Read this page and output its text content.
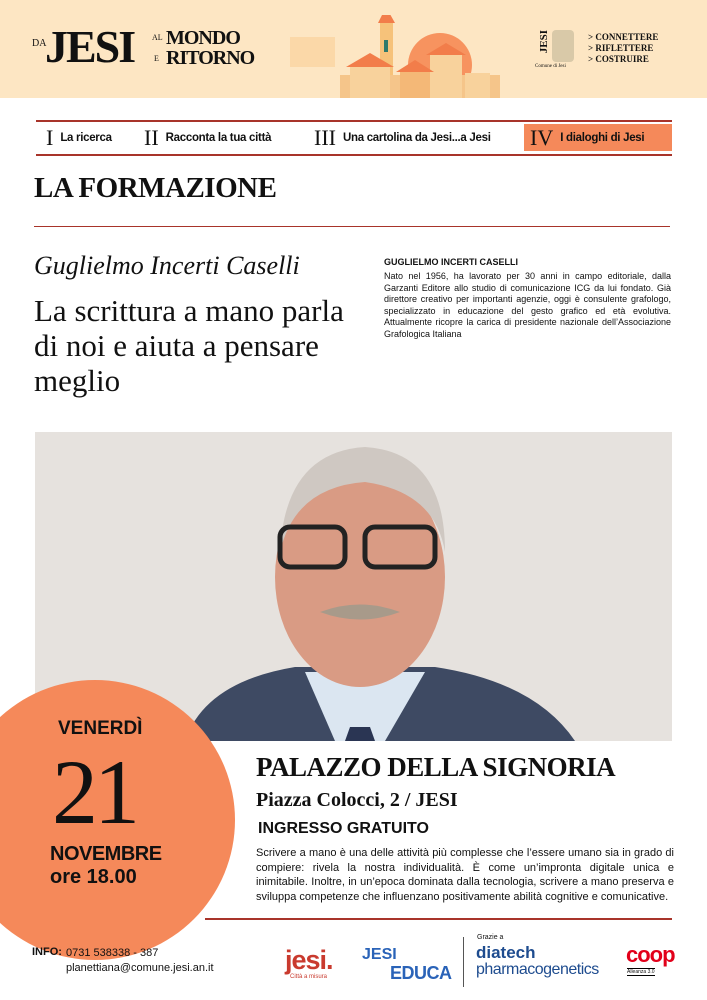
DA
JESI AL MONDO
E RITORNO
JESI
Comune di Jesi
> CONNETTERE
> RIFLETTERE
> COSTRUIRE
I La ricerca II Racconta la tua città III Una cartolina da Jesi...a Jesi IV I dialoghi di Jesi
LA FORMAZIONE
Guglielmo Incerti Caselli
La scrittura a mano parla di noi e aiuta a pensare meglio
GUGLIELMO INCERTI CASELLI

Nato nel 1956, ha lavorato per 30 anni in campo editoriale, dalla Garzanti Editore allo studio di comunicazione ICG da lui fondato. Già direttore creativo per importanti agenzie, oggi è consulente grafologo, specializzato in educazione del gesto grafico ed età evolutiva. Attualmente ricopre la carica di presidente nazionale dell’Associazione Grafologica Italiana

VENERDÌ
21
NOVEMBRE
ore 18.00
PALAZZO DELLA SIGNORIA
Piazza Colocci, 2 / JESI
INGRESSO GRATUITO

Scrivere a mano è una delle attività più complesse che l’essere umano sia in grado di compiere: rivela la nostra individualità. È come un’impronta digitale unica e inimitabile. Inoltre, in un’epoca dominata dalla tecnologia, scrivere a mano preserva e sviluppa competenze che influenzano positivamente abilità cognitive e comunicative.

INFO: 0731 538338 - 387
planettiana@comune.jesi.an.it	jesi.
Città a misura
JESI
EDUCA
Grazie a
diatech
pharmacogenetics
coop
Alleanza 3.0
